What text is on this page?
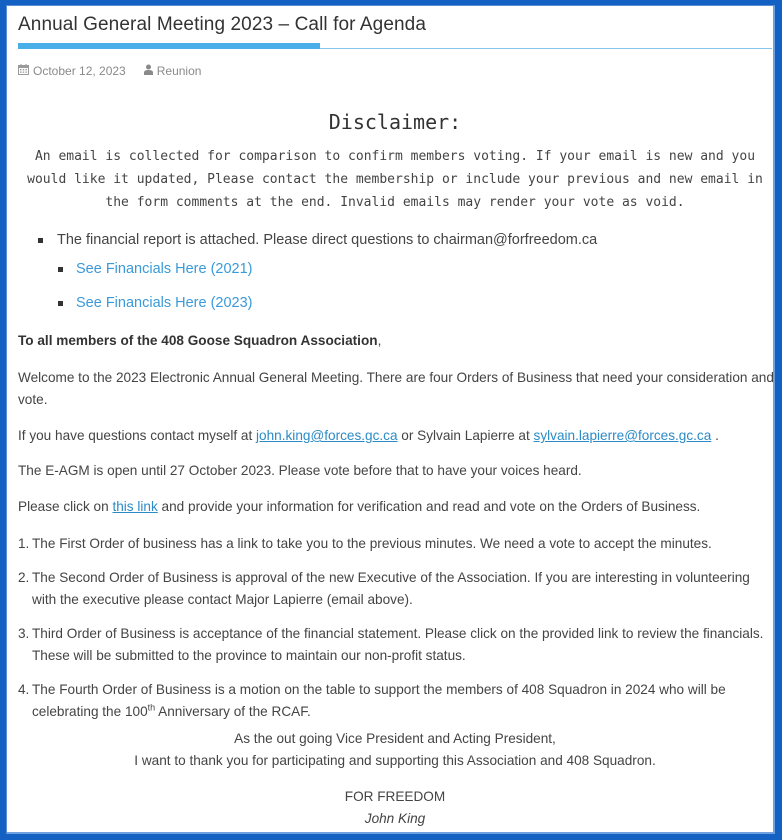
Annual General Meeting 2023 – Call for Agenda
October 12, 2023	Reunion
Disclaimer:

An email is collected for comparison to confirm members voting. If your email is new and you would like it updated, Please contact the membership or include your previous and new email in the form comments at the end. Invalid emails may render your vote as void.

The financial report is attached. Please direct questions to chairman@forfreedom.ca
See Financials Here (2021)
See Financials Here (2023)

To all members of the 408 Goose Squadron Association,

Welcome to the 2023 Electronic Annual General Meeting. There are four Orders of Business that need your consideration and vote.

If you have questions contact myself at john.king@forces.gc.ca or Sylvain Lapierre at sylvain.lapierre@forces.gc.ca .

The E-AGM is open until 27 October 2023. Please vote before that to have your voices heard.

Please click on this link and provide your information for verification and read and vote on the Orders of Business.

1. The First Order of business has a link to take you to the previous minutes. We need a vote to accept the minutes.
2. The Second Order of Business is approval of the new Executive of the Association. If you are interesting in volunteering with the executive please contact Major Lapierre (email above).
3. Third Order of Business is acceptance of the financial statement. Please click on the provided link to review the financials. These will be submitted to the province to maintain our non-profit status.
4. The Fourth Order of Business is a motion on the table to support the members of 408 Squadron in 2024 who will be celebrating the 100th Anniversary of the RCAF.

As the out going Vice President and Acting President,
I want to thank you for participating and supporting this Association and 408 Squadron.

FOR FREEDOM
John King
